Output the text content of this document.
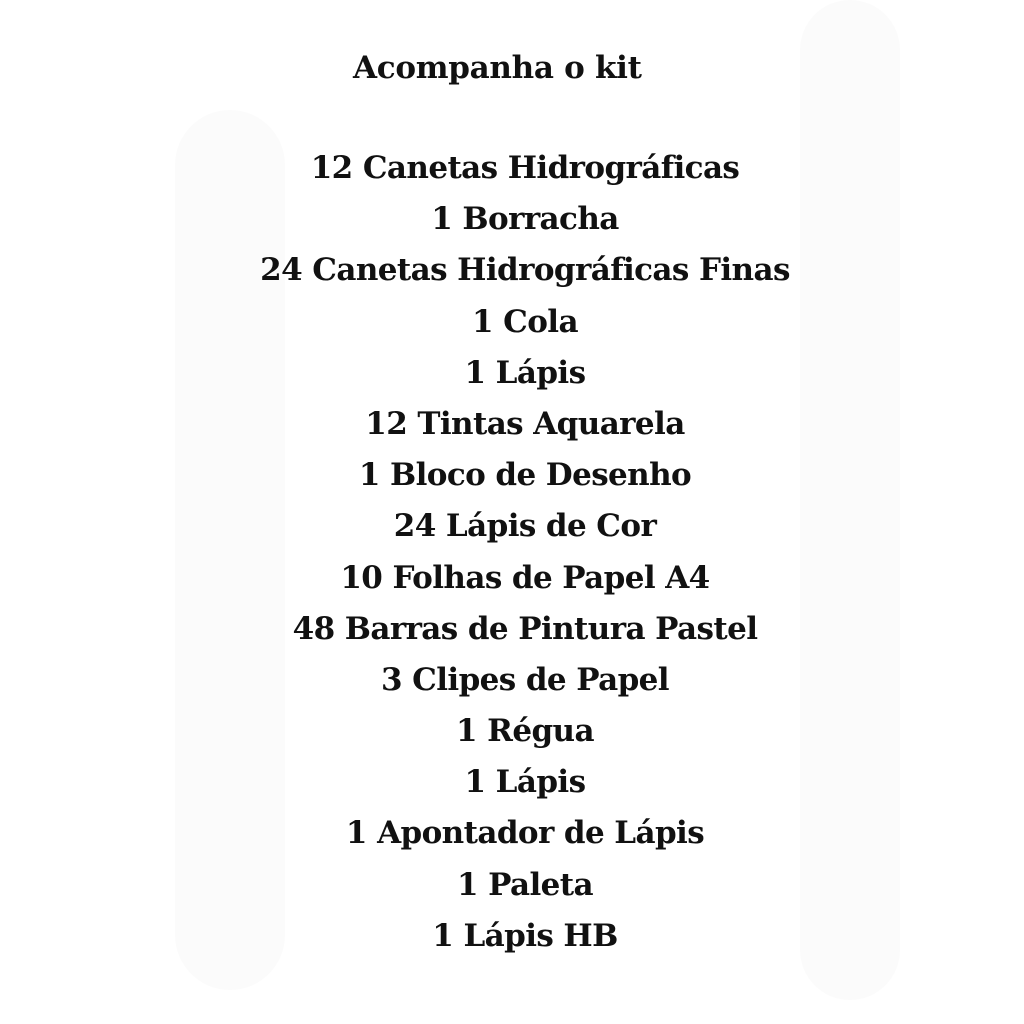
Acompanha o kit
12 Canetas Hidrográficas
1 Borracha
24 Canetas Hidrográficas Finas
1 Cola
1 Lápis
12 Tintas Aquarela
1 Bloco de Desenho
24 Lápis de Cor
10 Folhas de Papel A4
48 Barras de Pintura Pastel
3 Clipes de Papel
1 Régua
1 Lápis
1 Apontador de Lápis
1 Paleta
1 Lápis HB
